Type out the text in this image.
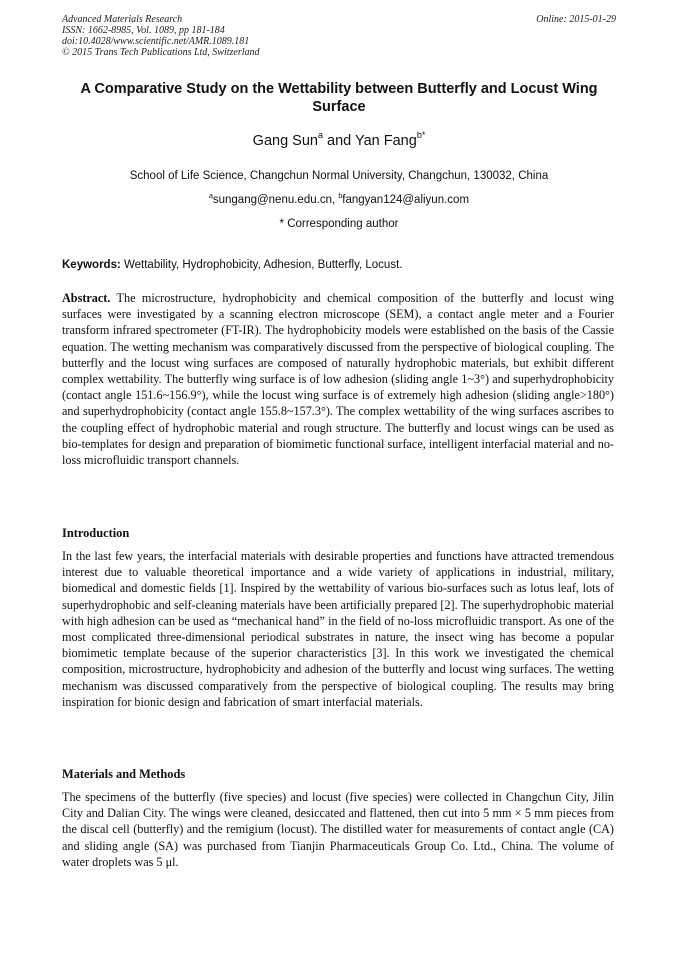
Advanced Materials Research
ISSN: 1662-8985, Vol. 1089, pp 181-184
doi:10.4028/www.scientific.net/AMR.1089.181
© 2015 Trans Tech Publications Ltd, Switzerland
Online: 2015-01-29
A Comparative Study on the Wettability between Butterfly and Locust Wing Surface
Gang Sun$^a$ and Yan Fang$^{b*}$
School of Life Science, Changchun Normal University, Changchun, 130032, China
$^a$sungang@nenu.edu.cn, $^b$fangyan124@aliyun.com
* Corresponding author
Keywords: Wettability, Hydrophobicity, Adhesion, Butterfly, Locust.
Abstract. The microstructure, hydrophobicity and chemical composition of the butterfly and locust wing surfaces were investigated by a scanning electron microscope (SEM), a contact angle meter and a Fourier transform infrared spectrometer (FT-IR). The hydrophobicity models were established on the basis of the Cassie equation. The wetting mechanism was comparatively discussed from the perspective of biological coupling. The butterfly and the locust wing surfaces are composed of naturally hydrophobic materials, but exhibit different complex wettability. The butterfly wing surface is of low adhesion (sliding angle 1~3°) and superhydrophobicity (contact angle 151.6~156.9°), while the locust wing surface is of extremely high adhesion (sliding angle>180°) and superhydrophobicity (contact angle 155.8~157.3°). The complex wettability of the wing surfaces ascribes to the coupling effect of hydrophobic material and rough structure. The butterfly and locust wings can be used as bio-templates for design and preparation of biomimetic functional surface, intelligent interfacial material and no-loss microfluidic transport channels.
Introduction
In the last few years, the interfacial materials with desirable properties and functions have attracted tremendous interest due to valuable theoretical importance and a wide variety of applications in industrial, military, biomedical and domestic fields [1]. Inspired by the wettability of various bio-surfaces such as lotus leaf, lots of superhydrophobic and self-cleaning materials have been artificially prepared [2]. The superhydrophobic material with high adhesion can be used as “mechanical hand” in the field of no-loss microfluidic transport. As one of the most complicated three-dimensional periodical substrates in nature, the insect wing has become a popular biomimetic template because of the superior characteristics [3]. In this work we investigated the chemical composition, microstructure, hydrophobicity and adhesion of the butterfly and locust wing surfaces. The wetting mechanism was discussed comparatively from the perspective of biological coupling. The results may bring inspiration for bionic design and fabrication of smart interfacial materials.
Materials and Methods
The specimens of the butterfly (five species) and locust (five species) were collected in Changchun City, Jilin City and Dalian City. The wings were cleaned, desiccated and flattened, then cut into 5 mm × 5 mm pieces from the discal cell (butterfly) and the remigium (locust). The distilled water for measurements of contact angle (CA) and sliding angle (SA) was purchased from Tianjin Pharmaceuticals Group Co. Ltd., China. The volume of water droplets was 5 μl.
